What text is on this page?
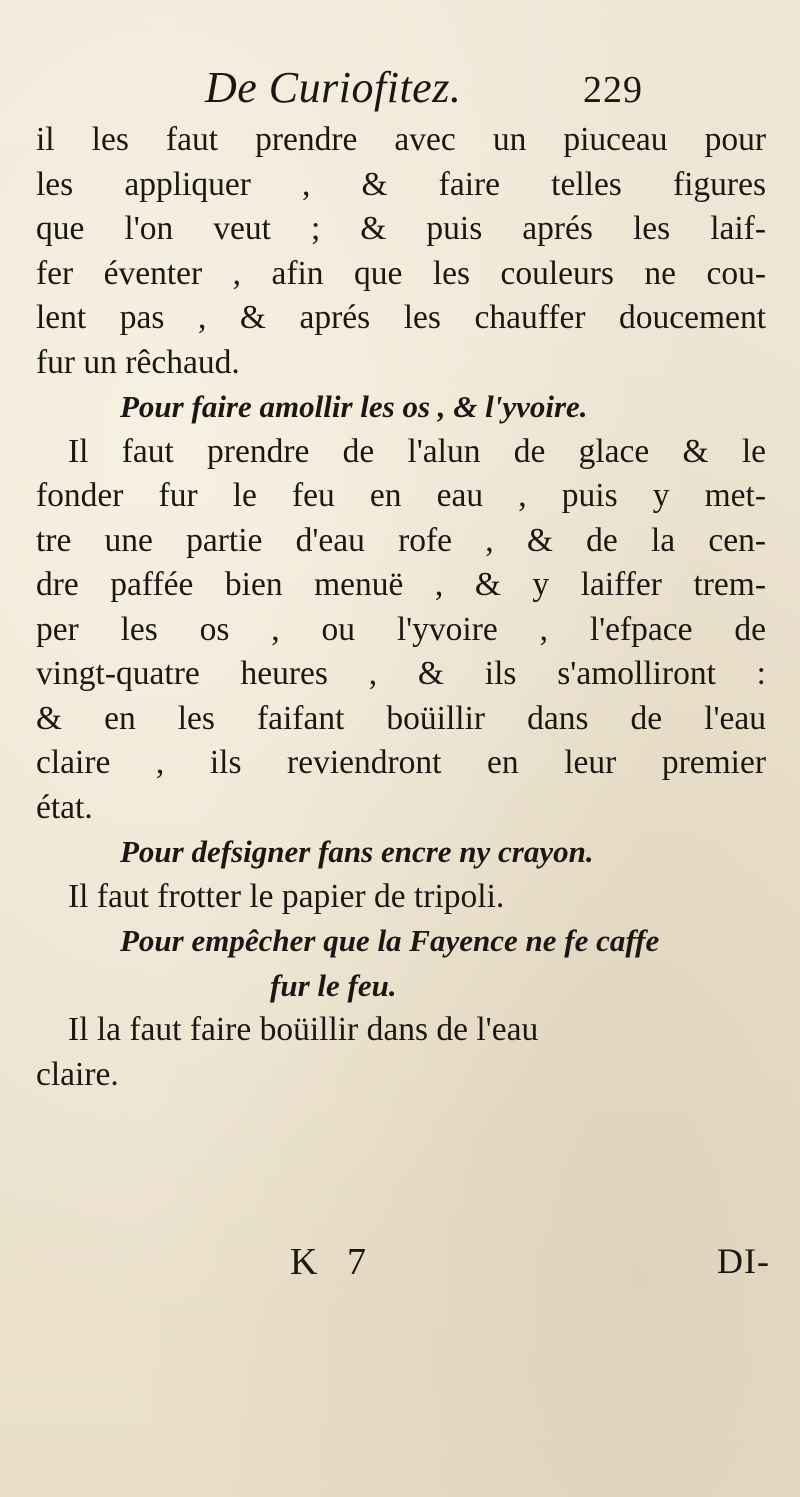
De Curiofitez.	229
il les faut prendre avec un piuceau pour
les appliquer , & faire telles figures
que l'on veut ; & puis aprés les laif-
fer éventer , afin que les couleurs ne cou-
lent pas , & aprés les chauffer doucement
fur un rêchaud.
Pour faire amollir les os , & l'yvoire.
Il faut prendre de l'alun de glace & le
fonder fur le feu en eau , puis y met-
tre une partie d'eau rofe , & de la cen-
dre paffée bien menuë , & y laiffer trem-
per les os , ou l'yvoire , l'efpace de
vingt-quatre heures , & ils s'amolliront :
& en les faifant boüillir dans de l'eau
claire , ils reviendront en leur premier
état.
Pour defsigner fans encre ny crayon.
Il faut frotter le papier de tripoli.
Pour empêcher que la Fayence ne fe caffe
fur le feu.
Il la faut faire boüillir dans de l'eau
claire.
K 7	DI-
